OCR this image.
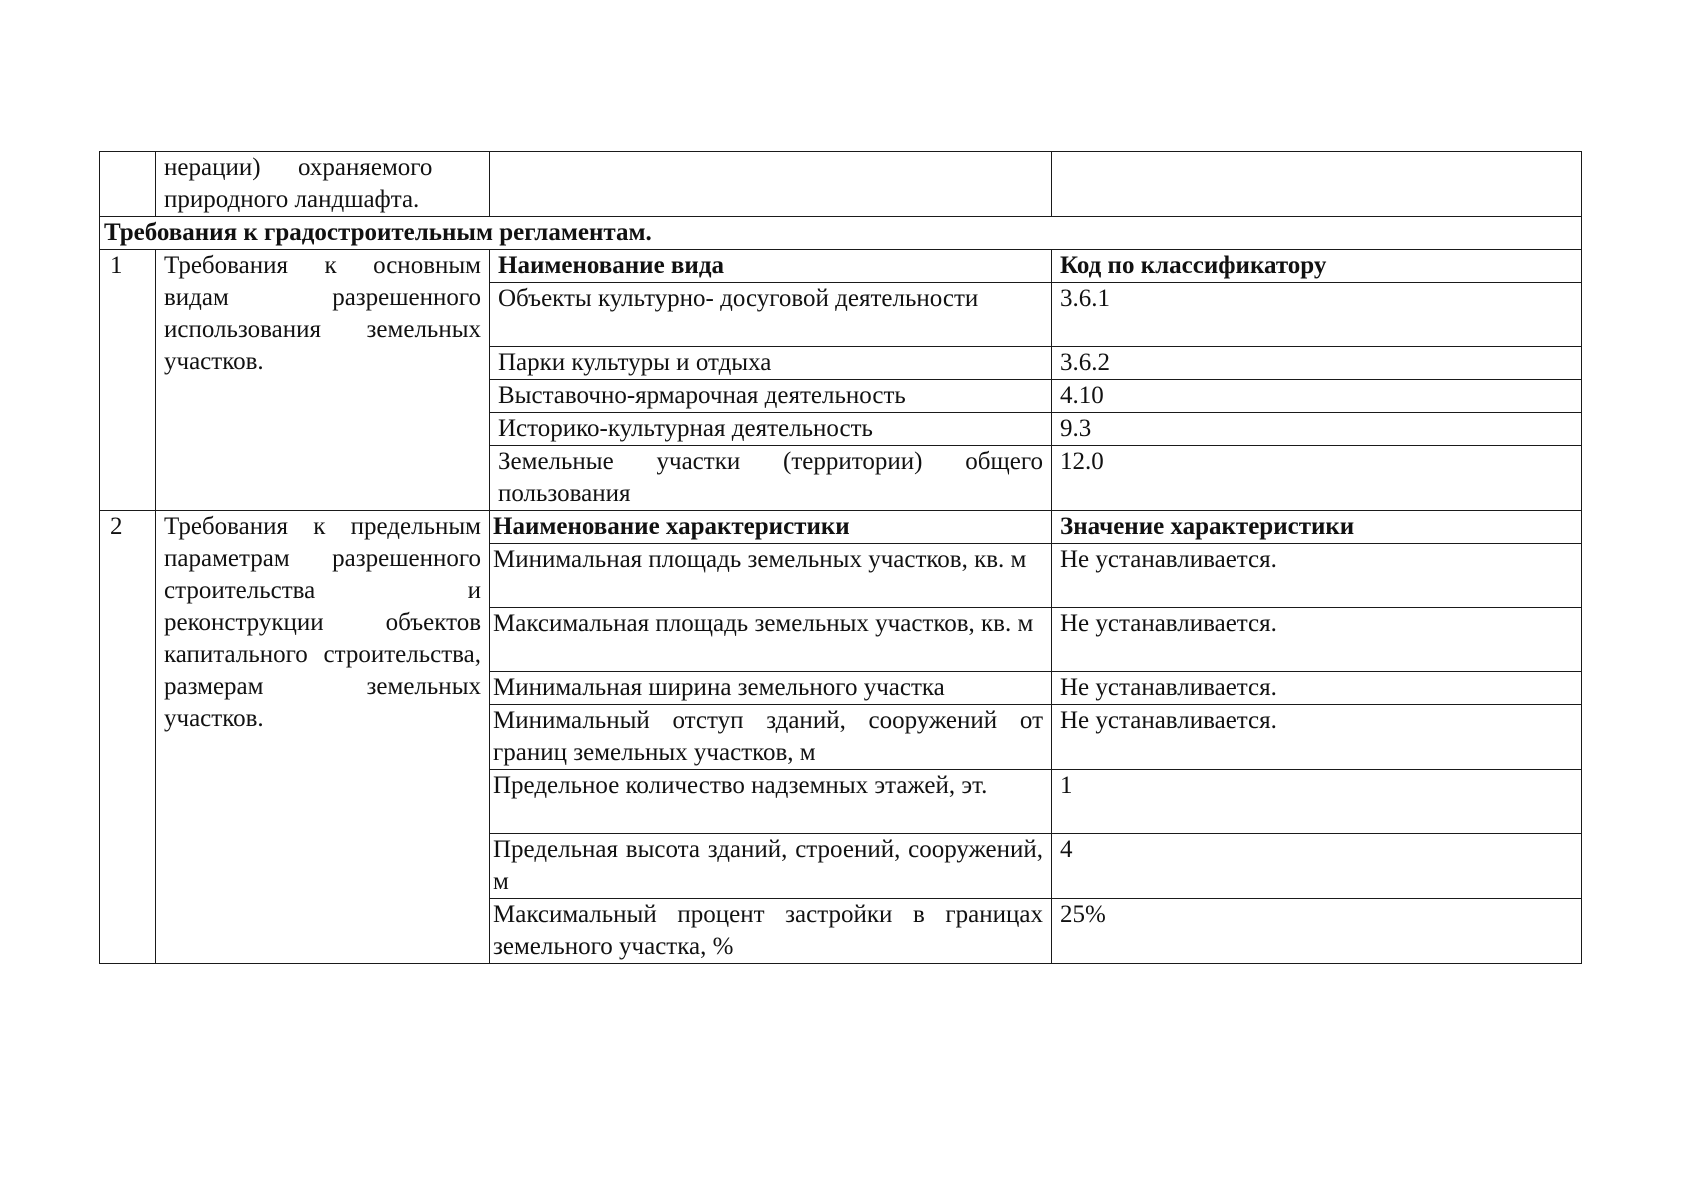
	нерации)      охраняемого
природного ландшафта.		

Требования к градостроительным регламентам.			
1	Требования к основным видам разрешенного использования земельных участков.	Наименование вида	Код по классификатору
		Объекты культурно- досуговой деятельности	3.6.1
		Парки культуры и отдыха	3.6.2
		Выставочно-ярмарочная деятельность	4.10
		Историко-культурная деятельность	9.3
		Земельные участки (территории) общего пользования	12.0
2	Требования к предельным параметрам разрешенного строительства и реконструкции объектов капитального строительства, размерам земельных участков.	Наименование характеристики	Значение характеристики
		Минимальная площадь земельных участков, кв. м	Не устанавливается.
		Максимальная площадь земельных участков, кв. м	Не устанавливается.
		Минимальная ширина земельного участка	Не устанавливается.
		Минимальный отступ зданий, сооружений от границ земельных участков, м	Не устанавливается.
		Предельное количество надземных этажей, эт.	1
		Предельная высота зданий, строений, сооружений, м	4
		Максимальный процент застройки в границах земельного участка, %	25%
